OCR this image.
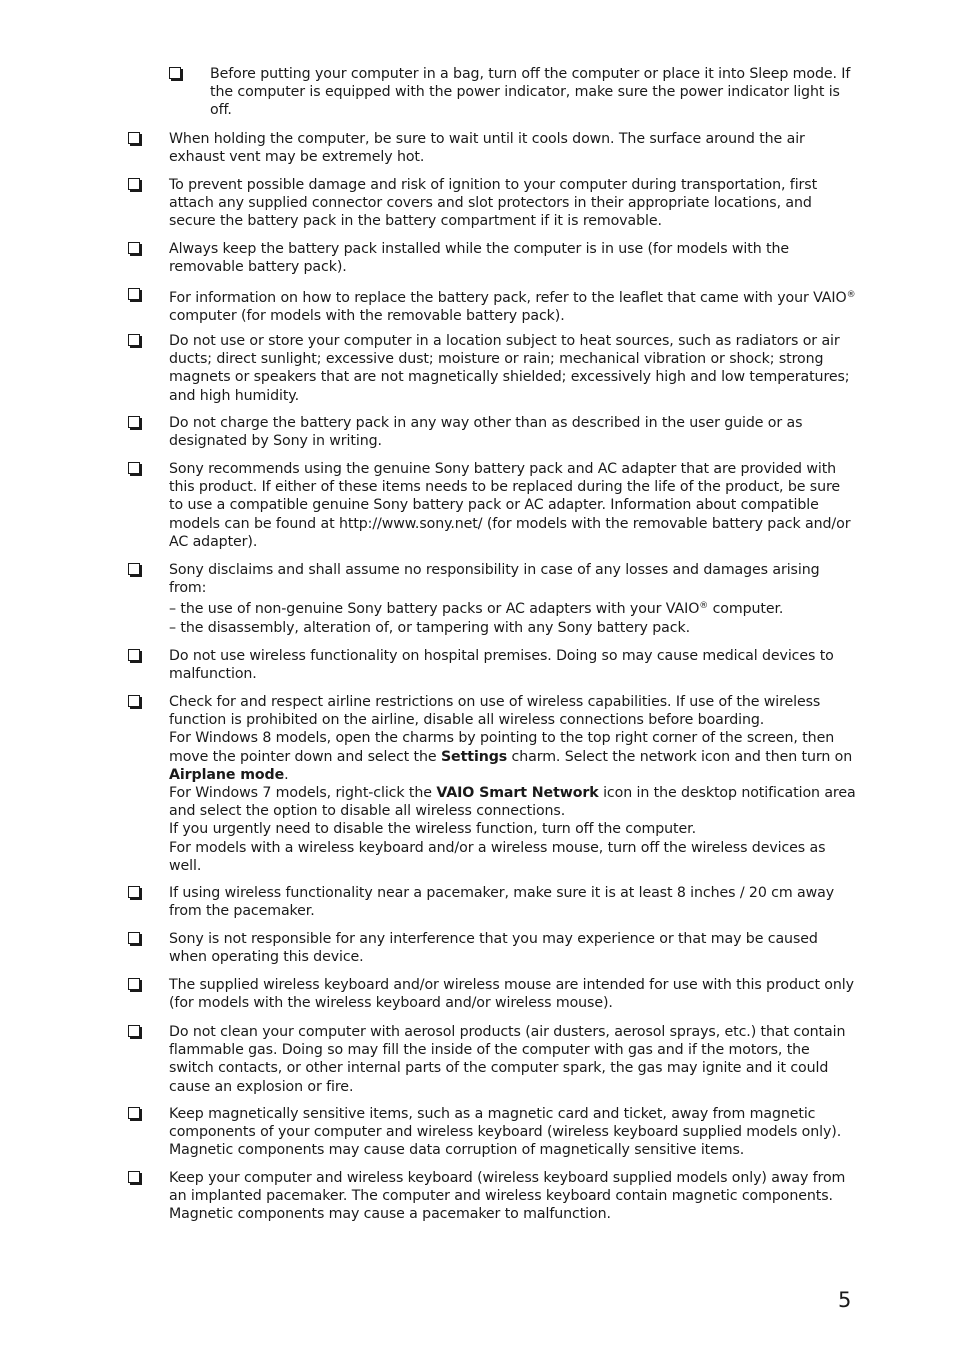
Before putting your computer in a bag, turn off the computer or place it into Sleep mode. If the computer is equipped with the power indicator, make sure the power indicator light is off.
When holding the computer, be sure to wait until it cools down. The surface around the air exhaust vent may be extremely hot.
To prevent possible damage and risk of ignition to your computer during transportation, first attach any supplied connector covers and slot protectors in their appropriate locations, and secure the battery pack in the battery compartment if it is removable.
Always keep the battery pack installed while the computer is in use (for models with the removable battery pack).
For information on how to replace the battery pack, refer to the leaflet that came with your VAIO® computer (for models with the removable battery pack).
Do not use or store your computer in a location subject to heat sources, such as radiators or air ducts; direct sunlight; excessive dust; moisture or rain; mechanical vibration or shock; strong magnets or speakers that are not magnetically shielded; excessively high and low temperatures; and high humidity.
Do not charge the battery pack in any way other than as described in the user guide or as designated by Sony in writing.
Sony recommends using the genuine Sony battery pack and AC adapter that are provided with this product. If either of these items needs to be replaced during the life of the product, be sure to use a compatible genuine Sony battery pack or AC adapter. Information about compatible models can be found at http://www.sony.net/ (for models with the removable battery pack and/or AC adapter).

Sony disclaims and shall assume no responsibility in case of any losses and damages arising from:

– the use of non-genuine Sony battery packs or AC adapters with your VAIO® computer.

– the disassembly, alteration of, or tampering with any Sony battery pack.

Do not use wireless functionality on hospital premises. Doing so may cause medical devices to malfunction.

Check for and respect airline restrictions on use of wireless capabilities. If use of the wireless function is prohibited on the airline, disable all wireless connections before boarding.

For Windows 8 models, open the charms by pointing to the top right corner of the screen, then move the pointer down and select the Settings charm. Select the network icon and then turn on Airplane mode.

For Windows 7 models, right-click the VAIO Smart Network icon in the desktop notification area and select the option to disable all wireless connections.

If you urgently need to disable the wireless function, turn off the computer.

For models with a wireless keyboard and/or a wireless mouse, turn off the wireless devices as well.

If using wireless functionality near a pacemaker, make sure it is at least 8 inches / 20 cm away from the pacemaker.
Sony is not responsible for any interference that you may experience or that may be caused when operating this device.
The supplied wireless keyboard and/or wireless mouse are intended for use with this product only (for models with the wireless keyboard and/or wireless mouse).
Do not clean your computer with aerosol products (air dusters, aerosol sprays, etc.) that contain flammable gas. Doing so may fill the inside of the computer with gas and if the motors, the switch contacts, or other internal parts of the computer spark, the gas may ignite and it could cause an explosion or fire.
Keep magnetically sensitive items, such as a magnetic card and ticket, away from magnetic components of your computer and wireless keyboard (wireless keyboard supplied models only). Magnetic components may cause data corruption of magnetically sensitive items.
Keep your computer and wireless keyboard (wireless keyboard supplied models only) away from an implanted pacemaker. The computer and wireless keyboard contain magnetic components. Magnetic components may cause a pacemaker to malfunction.
5
